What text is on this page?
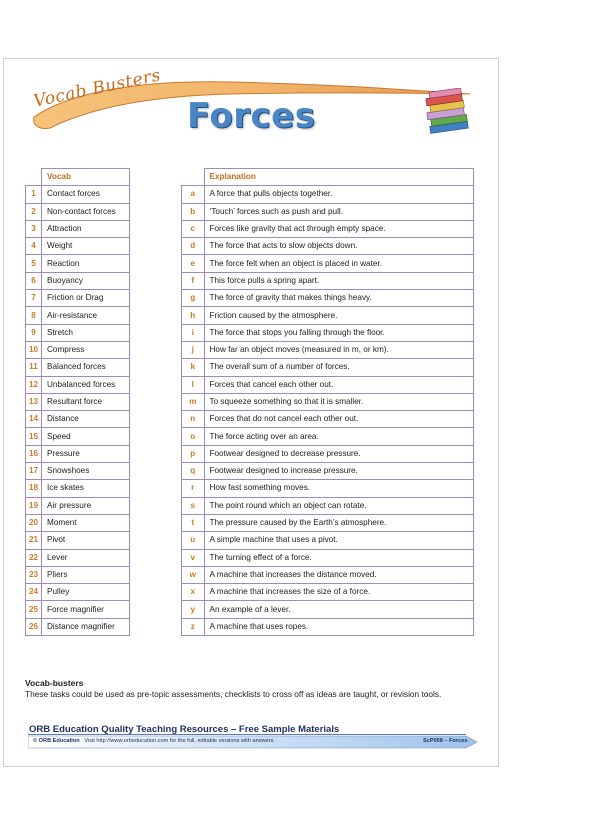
Vocab Busters
Forces
	Vocab
1	Contact forces
2	Non-contact forces
3	Attraction
4	Weight
5	Reaction
6	Buoyancy
7	Friction or Drag
8	Air-resistance
9	Stretch
10	Compress
11	Balanced forces
12	Unbalanced forces
13	Resultant force
14	Distance
15	Speed
16	Pressure
17	Snowshoes
18	Ice skates
19	Air pressure
20	Moment
21	Pivot
22	Lever
23	Pliers
24	Pulley
25	Force magnifier
26	Distance magnifier
	Explanation
a	A force that pulls objects together.
b	‘Touch’ forces such as push and pull.
c	Forces like gravity that act through empty space.
d	The force that acts to slow objects down.
e	The force felt when an object is placed in water.
f	This force pulls a spring apart.
g	The force of gravity that makes things heavy.
h	Friction caused by the atmosphere.
i	The force that stops you falling through the floor.
j	How far an object moves (measured in m, or km).
k	The overall sum of a number of forces.
l	Forces that cancel each other out.
m	To squeeze something so that it is smaller.
n	Forces that do not cancel each other out.
o	The force acting over an area.
p	Footwear designed to decrease pressure.
q	Footwear designed to increase pressure.
r	How fast something moves.
s	The point round which an object can rotate.
t	The pressure caused by the Earth’s atmosphere.
u	A simple machine that uses a pivot.
v	The turning effect of a force.
w	A machine that increases the distance moved.
x	A machine that increases the size of a force.
y	An example of a lever.
z	A machine that uses ropes.
Vocab-busters
These tasks could be used as pre-topic assessments, checklists to cross off as ideas are taught, or revision tools.
ORB Education Quality Teaching Resources – Free Sample Materials
© ORB Education Visit http://www.orbeducation.com for the full, editable versions with answers.	ScP058 – Forces
